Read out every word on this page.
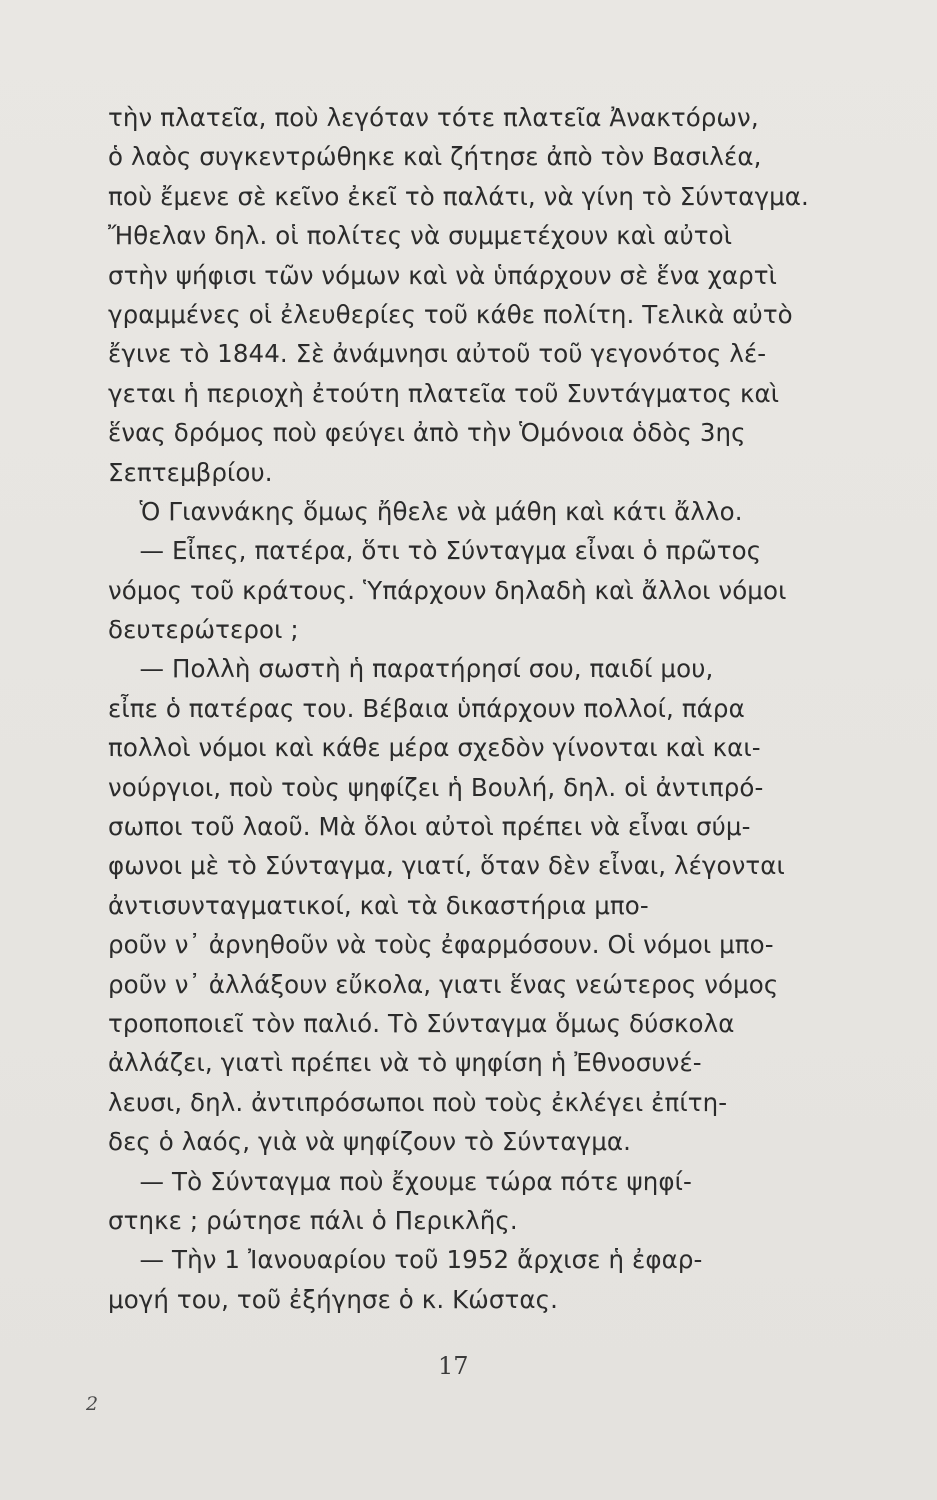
τὴν πλατεῖα, ποὺ λεγόταν τότε πλατεῖα Ἀνακτόρων,
ὁ λαὸς συγκεντρώθηκε καὶ ζήτησε ἀπὸ τὸν Βασιλέα,
ποὺ ἔμενε σὲ κεῖνο ἐκεῖ τὸ παλάτι, νὰ γίνη τὸ Σύνταγμα.
Ἤθελαν δηλ. οἱ πολίτες νὰ συμμετέχουν καὶ αὐτοὶ
στὴν ψήφισι τῶν νόμων καὶ νὰ ὑπάρχουν σὲ ἕνα χαρτὶ
γραμμένες οἱ ἐλευθερίες τοῦ κάθε πολίτη. Τελικὰ αὐτὸ
ἔγινε τὸ 1844. Σὲ ἀνάμνησι αὐτοῦ τοῦ γεγονότος λέ-
γεται ἡ περιοχὴ ἐτούτη πλατεῖα τοῦ Συντάγματος καὶ
ἕνας δρόμος ποὺ φεύγει ἀπὸ τὴν Ὁμόνοια ὁδὸς 3ης
Σεπτεμβρίου.
Ὁ Γιαννάκης ὅμως ἤθελε νὰ μάθη καὶ κάτι ἄλλο.
— Εἶπες, πατέρα, ὅτι τὸ Σύνταγμα εἶναι ὁ πρῶτος
νόμος τοῦ κράτους. Ὑπάρχουν δηλαδὴ καὶ ἄλλοι νόμοι
δευτερώτεροι ;
— Πολλὴ σωστὴ ἡ παρατήρησί σου, παιδί μου,
εἶπε ὁ πατέρας του. Βέβαια ὑπάρχουν πολλοί, πάρα
πολλοὶ νόμοι καὶ κάθε μέρα σχεδὸν γίνονται καὶ και-
νούργιοι, ποὺ τοὺς ψηφίζει ἡ Βουλή, δηλ. οἱ ἀντιπρό-
σωποι τοῦ λαοῦ. Μὰ ὅλοι αὐτοὶ πρέπει νὰ εἶναι σύμ-
φωνοι μὲ τὸ Σύνταγμα, γιατί, ὅταν δὲν εἶναι, λέγονται
ἀντισυνταγματικοί, καὶ τὰ δικαστήρια μπο-
ροῦν ν᾽ ἀρνηθοῦν νὰ τοὺς ἐφαρμόσουν. Οἱ νόμοι μπο-
ροῦν ν᾽ ἀλλάξουν εὔκολα, γιατι ἕνας νεώτερος νόμος
τροποποιεῖ τὸν παλιό. Τὸ Σύνταγμα ὅμως δύσκολα
ἀλλάζει, γιατὶ πρέπει νὰ τὸ ψηφίση ἡ Ἐθνοσυνέ-
λευσι, δηλ. ἀντιπρόσωποι ποὺ τοὺς ἐκλέγει ἐπίτη-
δες ὁ λαός, γιὰ νὰ ψηφίζουν τὸ Σύνταγμα.
— Τὸ Σύνταγμα ποὺ ἔχουμε τώρα πότε ψηφί-
στηκε ; ρώτησε πάλι ὁ Περικλῆς.
— Τὴν 1 Ἰανουαρίου τοῦ 1952 ἄρχισε ἡ ἐφαρ-
μογή του, τοῦ ἐξήγησε ὁ κ. Κώστας.
17
2
